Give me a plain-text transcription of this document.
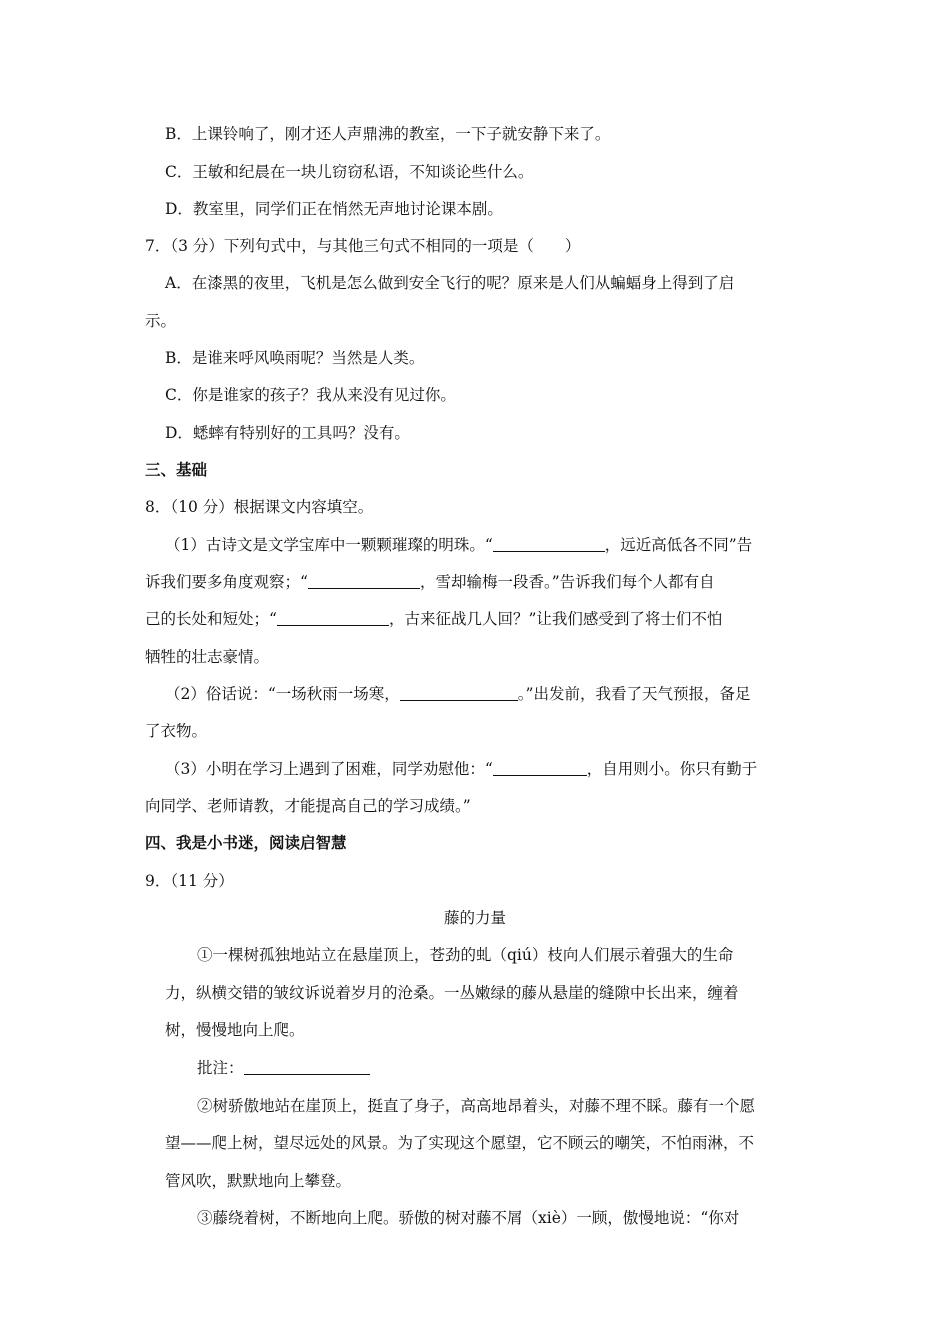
B．上课铃响了，刚才还人声鼎沸的教室，一下子就安静下来了。
C．王敏和纪晨在一块儿窃窃私语，不知谈论些什么。
D．教室里，同学们正在悄然无声地讨论课本剧。
7．（3 分）下列句式中，与其他三句式不相同的一项是（　　）
A．在漆黑的夜里，飞机是怎么做到安全飞行的呢？原来是人们从蝙蝠身上得到了启
示。
B．是谁来呼风唤雨呢？当然是人类。
C．你是谁家的孩子？我从来没有见过你。
D．蟋蟀有特别好的工具吗？没有。
三、基础
8．（10 分）根据课文内容填空。
（1）古诗文是文学宝库中一颗颗璀璨的明珠。“	，远近高低各不同”告
诉我们要多角度观察；“	，雪却输梅一段香。”告诉我们每个人都有自
己的长处和短处；“	，古来征战几人回？”让我们感受到了将士们不怕
牺牲的壮志豪情。
（2）俗话说：“一场秋雨一场寒，	。”出发前，我看了天气预报，备足
了衣物。
（3）小明在学习上遇到了困难，同学劝慰他：“	，自用则小。你只有勤于
向同学、老师请教，才能提高自己的学习成绩。”
四、我是小书迷，阅读启智慧
9．（11 分）
藤的力量
①一棵树孤独地站立在悬崖顶上，苍劲的虬（qiú）枝向人们展示着强大的生命
力，纵横交错的皱纹诉说着岁月的沧桑。一丛嫩绿的藤从悬崖的缝隙中长出来，缠着
树，慢慢地向上爬。
批注：
②树骄傲地站在崖顶上，挺直了身子，高高地昂着头，对藤不理不睬。藤有一个愿
望——爬上树，望尽远处的风景。为了实现这个愿望，它不顾云的嘲笑，不怕雨淋，不
管风吹，默默地向上攀登。
③藤绕着树，不断地向上爬。骄傲的树对藤不屑（xiè）一顾，傲慢地说：“你对
